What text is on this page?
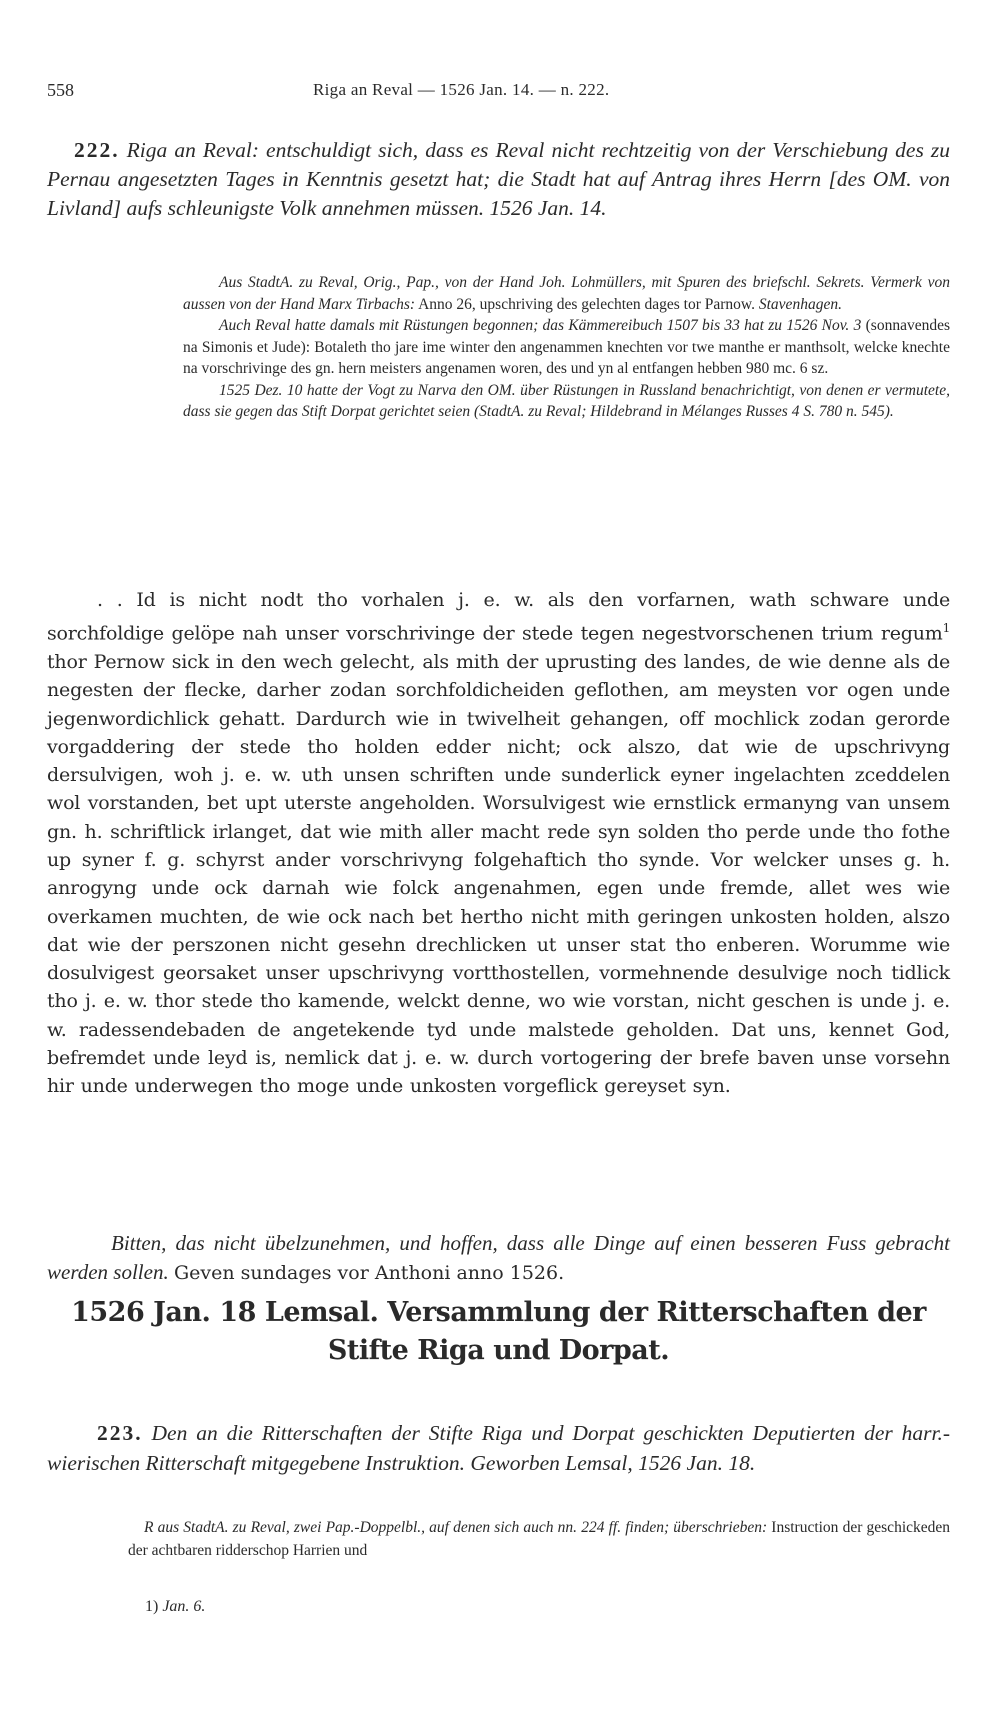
558	Riga an Reval — 1526 Jan. 14. — n. 222.

222. Riga an Reval: entschuldigt sich, dass es Reval nicht rechtzeitig von der Verschiebung des zu Pernau angesetzten Tages in Kenntnis gesetzt hat; die Stadt hat auf Antrag ihres Herrn [des OM. von Livland] aufs schleunigste Volk annehmen müssen. 1526 Jan. 14.

Aus StadtA. zu Reval, Orig., Pap., von der Hand Joh. Lohmüllers, mit Spuren des briefschl. Sekrets. Vermerk von aussen von der Hand Marx Tirbachs: Anno 26, upschriving des gelechten dages tor Parnow. Stavenhagen.

Auch Reval hatte damals mit Rüstungen begonnen; das Kämmereibuch 1507 bis 33 hat zu 1526 Nov. 3 (sonnavendes na Simonis et Jude): Botaleth tho jare ime winter den angenammen knechten vor twe manthe er manthsolt, welcke knechte na vorschrivinge des gn. hern meisters angenamen woren, des und yn al entfangen hebben 980 mc. 6 sz.

1525 Dez. 10 hatte der Vogt zu Narva den OM. über Rüstungen in Russland benachrichtigt, von denen er vermutete, dass sie gegen das Stift Dorpat gerichtet seien (StadtA. zu Reval; Hildebrand in Mélanges Russes 4 S. 780 n. 545).

. . Id is nicht nodt tho vorhalen j. e. w. als den vorfarnen, wath schware unde sorchfoldige gelöpe nah unser vorschrivinge der stede tegen negestvorschenen trium regum$^1$ thor Pernow sick in den wech gelecht, als mith der uprusting des landes, de wie denne als de negesten der flecke, darher zodan sorchfoldicheiden geflothen, am meysten vor ogen unde jegenwordichlick gehatt. Dardurch wie in twivelheit gehangen, off mochlick zodan gerorde vorgaddering der stede tho holden edder nicht; ock alszo, dat wie de upschrivyng dersulvigen, woh j. e. w. uth unsen schriften unde sunderlick eyner ingelachten zceddelen wol vorstanden, bet upt uterste angeholden. Worsulvigest wie ernstlick ermanyng van unsem gn. h. schriftlick irlanget, dat wie mith aller macht rede syn solden tho perde unde tho fothe up syner f. g. schyrst ander vorschrivyng folgehaftich tho synde. Vor welcker unses g. h. anrogyng unde ock darnah wie folck angenahmen, egen unde fremde, allet wes wie overkamen muchten, de wie ock nach bet hertho nicht mith geringen unkosten holden, alszo dat wie der perszonen nicht gesehn drechlicken ut unser stat tho enberen. Worumme wie dosulvigest georsaket unser upschrivyng vortthostellen, vormehnende desulvige noch tidlick tho j. e. w. thor stede tho kamende, welckt denne, wo wie vorstan, nicht geschen is unde j. e. w. radessendebaden de angetekende tyd unde malstede geholden. Dat uns, kennet God, befremdet unde leyd is, nemlick dat j. e. w. durch vortogering der brefe baven unse vorsehn hir unde underwegen tho moge unde unkosten vorgeflick gereyset syn.

Bitten, das nicht übelzunehmen, und hoffen, dass alle Dinge auf einen besseren Fuss gebracht werden sollen. Geven sundages vor Anthoni anno 1526.

1526 Jan. 18 Lemsal. Versammlung der Ritterschaften der
Stifte Riga und Dorpat.

223. Den an die Ritterschaften der Stifte Riga und Dorpat geschickten Deputierten der harr.-wierischen Ritterschaft mitgegebene Instruktion. Geworben Lemsal, 1526 Jan. 18.

R aus StadtA. zu Reval, zwei Pap.-Doppelbl., auf denen sich auch nn. 224 ff. finden; überschrieben: Instruction der geschickeden der achtbaren ridderschop Harrien und

1) Jan. 6.
